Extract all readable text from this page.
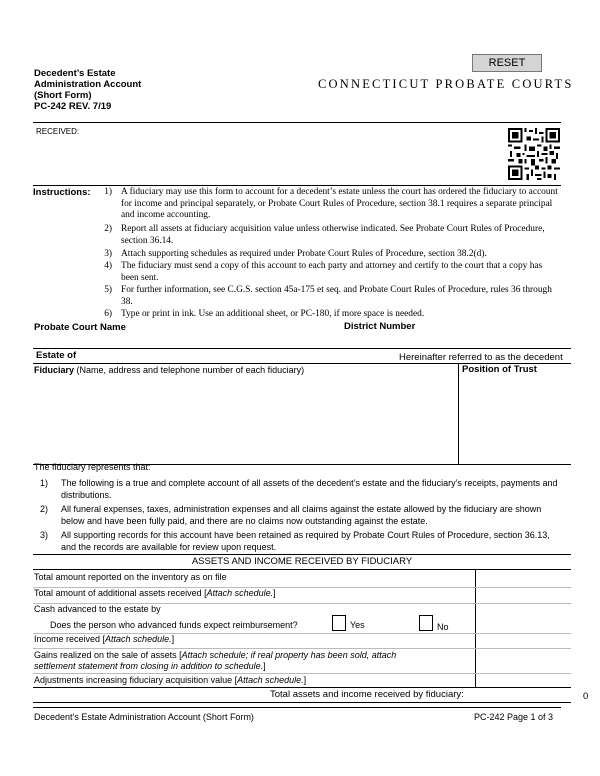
Decedent’s Estate
Administration Account
(Short Form)
PC-242 REV. 7/19
RESET
CONNECTICUT PROBATE COURTS
RECEIVED:
Instructions:	1) A fiduciary may use this form to account for a decedent’s estate unless the court has ordered the fiduciary to account for income and principal separately, or Probate Court Rules of Procedure, section 38.1 requires a separate principal and income accounting.
2) Report all assets at fiduciary acquisition value unless otherwise indicated. See Probate Court Rules of Procedure, section 36.14.
3) Attach supporting schedules as required under Probate Court Rules of Procedure, section 38.2(d).
4) The fiduciary must send a copy of this account to each party and attorney and certify to the court that a copy has been sent.
5) For further information, see C.G.S. section 45a-175 et seq. and Probate Court Rules of Procedure, rules 36 through 38.
6) Type or print in ink. Use an additional sheet, or PC-180, if more space is needed.
Probate Court Name	District Number
Estate of	Hereinafter referred to as the decedent
Fiduciary (Name, address and telephone number of each fiduciary)	Position of Trust
The fiduciary represents that:
1)	The following is a true and complete account of all assets of the decedent’s estate and the fiduciary’s receipts, payments and distributions.
2)	All funeral expenses, taxes, administration expenses and all claims against the estate allowed by the fiduciary are shown below and have been fully paid, and there are no claims now outstanding against the estate.
3)	All supporting records for this account have been retained as required by Probate Court Rules of Procedure, section 36.13, and the records are available for review upon request.
ASSETS AND INCOME RECEIVED BY FIDUCIARY
Total amount reported on the inventory as on file
Total amount of additional assets received [Attach schedule.]
Cash advanced to the estate by
Does the person who advanced funds expect reimbursement?	Yes	No
Income received [Attach schedule.]
Gains realized on the sale of assets [Attach schedule; if real property has been sold, attach
settlement statement from closing in addition to schedule.]
Adjustments increasing fiduciary acquisition value [Attach schedule.]
Total assets and income received by fiduciary:	0
Decedent’s Estate Administration Account (Short Form)	PC-242 Page 1 of 3
